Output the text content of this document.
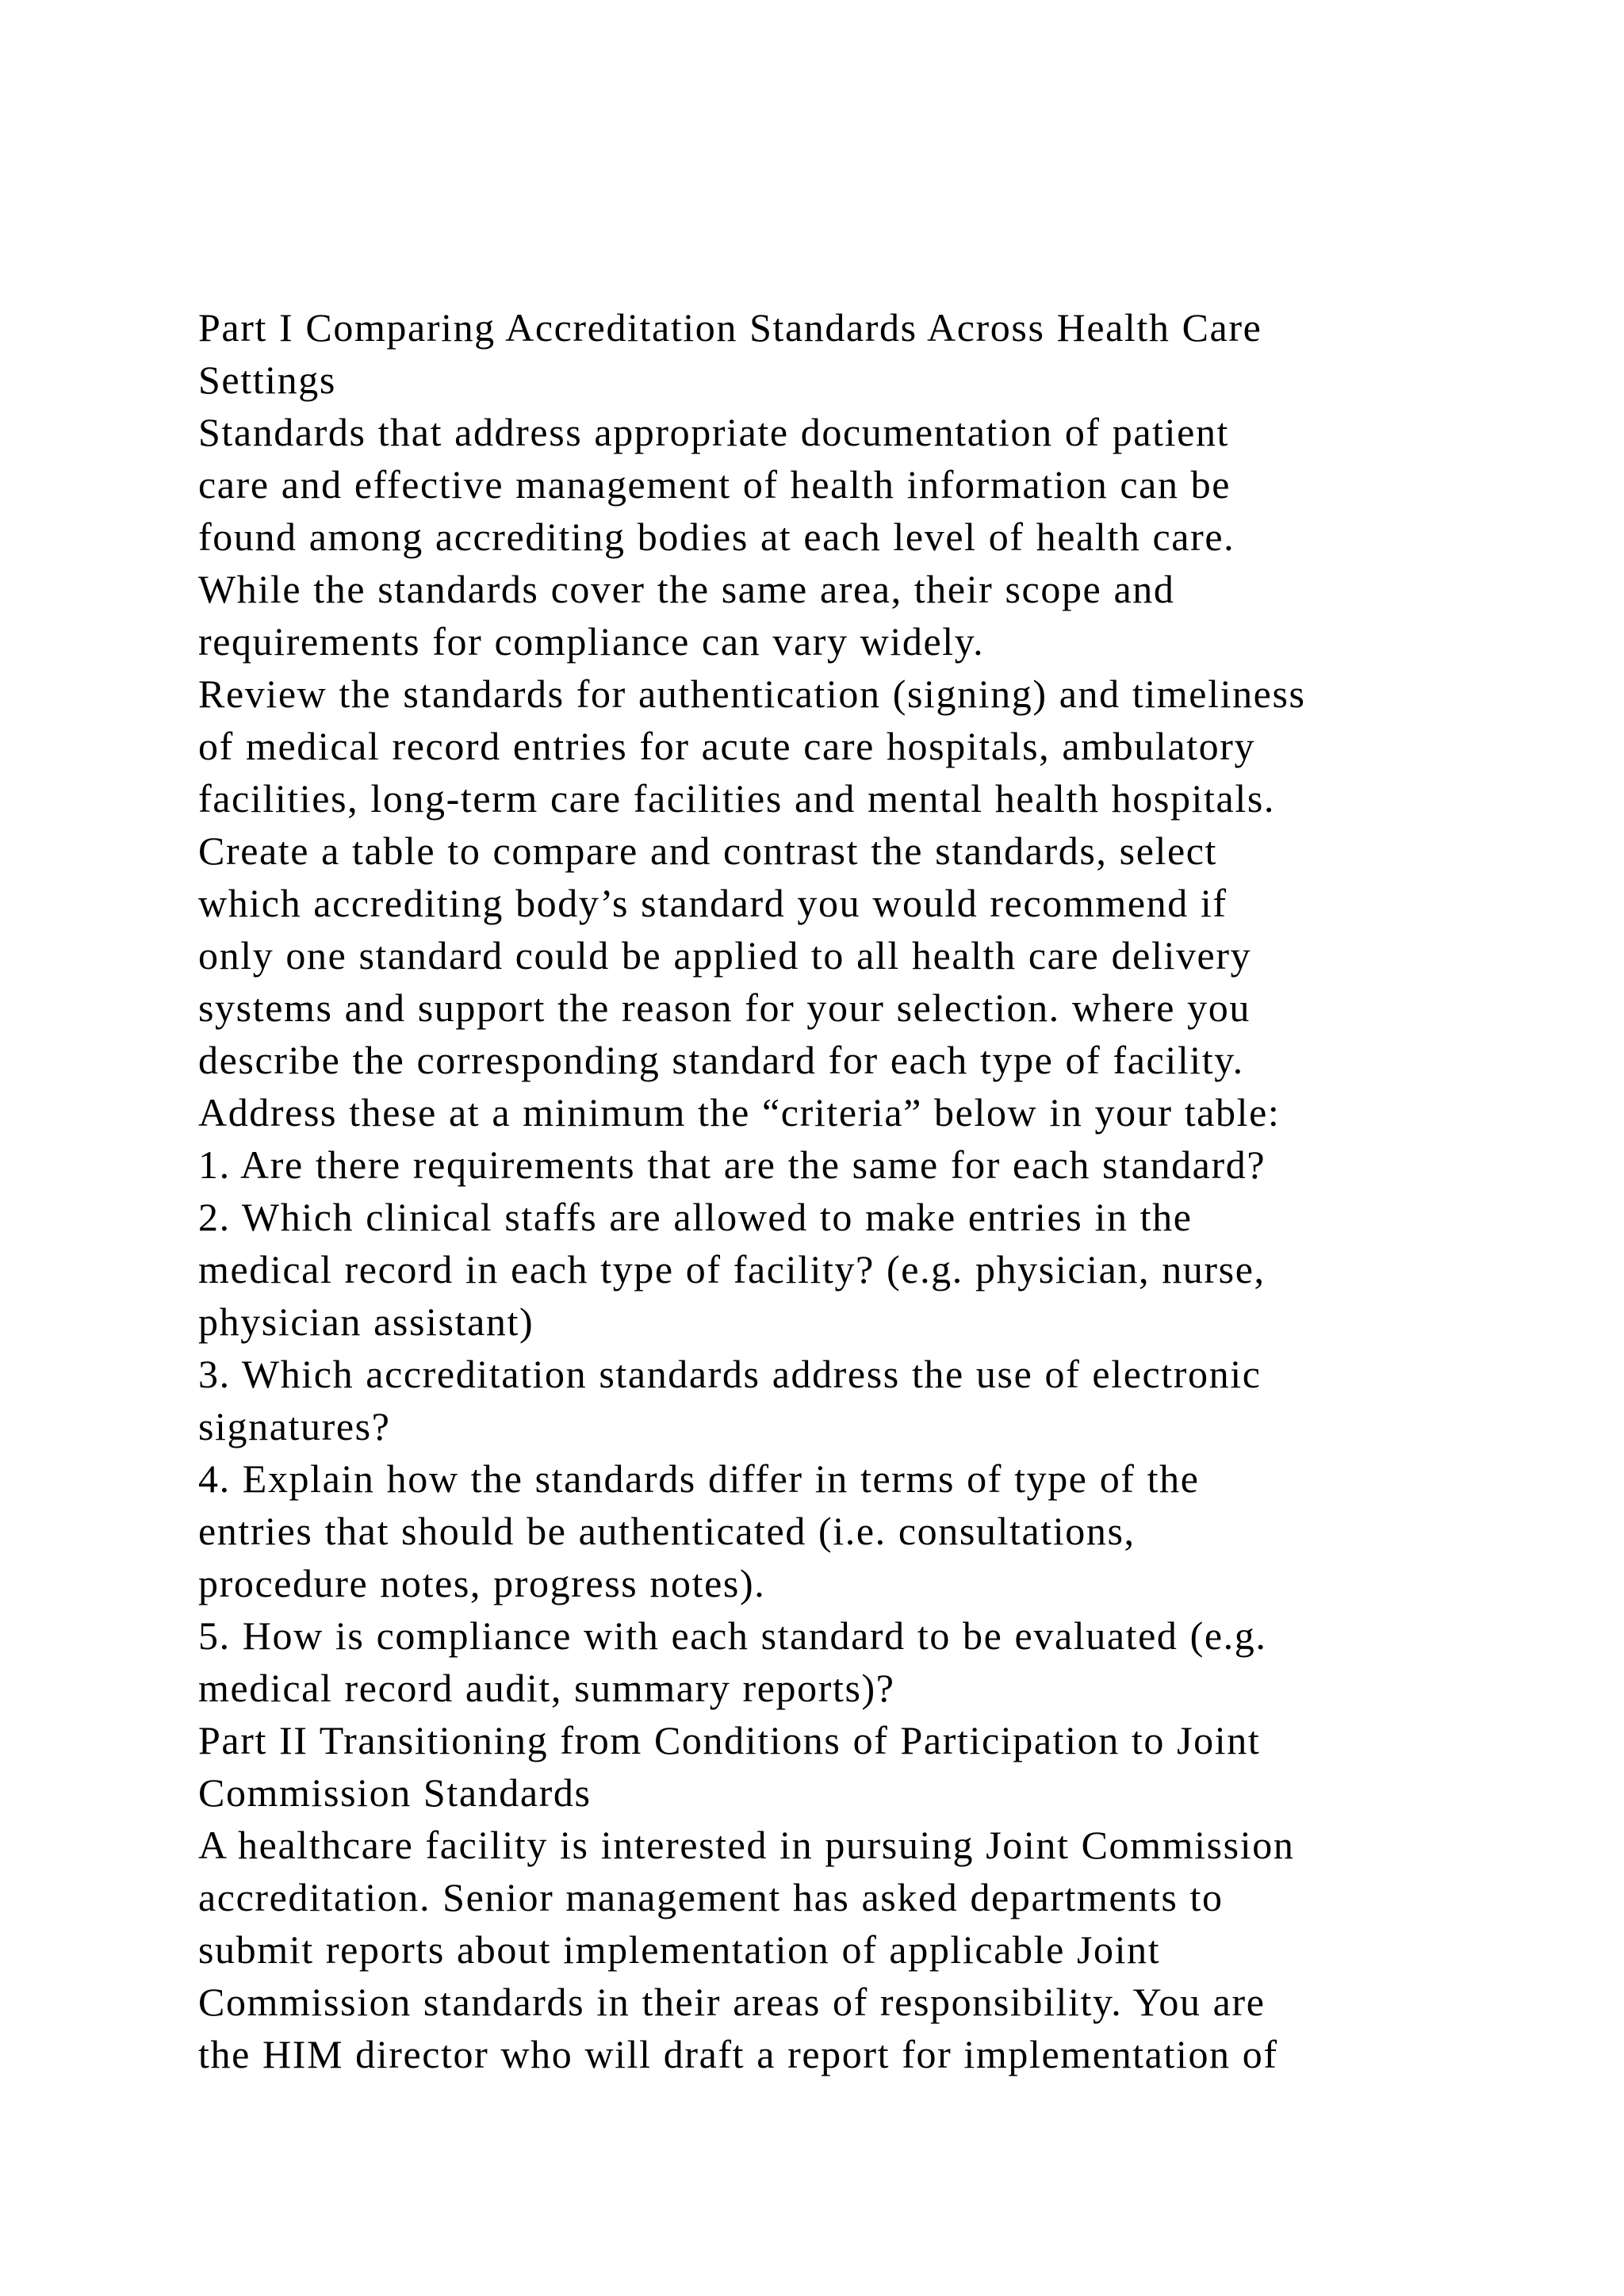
Part I Comparing Accreditation Standards Across Health Care
Settings
Standards that address appropriate documentation of patient
care and effective management of health information can be
found among accrediting bodies at each level of health care.
While the standards cover the same area, their scope and
requirements for compliance can vary widely.
Review the standards for authentication (signing) and timeliness
of medical record entries for acute care hospitals, ambulatory
facilities, long-term care facilities and mental health hospitals.
Create a table to compare and contrast the standards, select
which accrediting body’s standard you would recommend if
only one standard could be applied to all health care delivery
systems and support the reason for your selection. where you
describe the corresponding standard for each type of facility.
Address these at a minimum the “criteria” below in your table:
1. Are there requirements that are the same for each standard?
2. Which clinical staffs are allowed to make entries in the
medical record in each type of facility? (e.g. physician, nurse,
physician assistant)
3. Which accreditation standards address the use of electronic
signatures?
4. Explain how the standards differ in terms of type of the
entries that should be authenticated (i.e. consultations,
procedure notes, progress notes).
5. How is compliance with each standard to be evaluated (e.g.
medical record audit, summary reports)?
Part II Transitioning from Conditions of Participation to Joint
Commission Standards
A healthcare facility is interested in pursuing Joint Commission
accreditation. Senior management has asked departments to
submit reports about implementation of applicable Joint
Commission standards in their areas of responsibility. You are
the HIM director who will draft a report for implementation of
